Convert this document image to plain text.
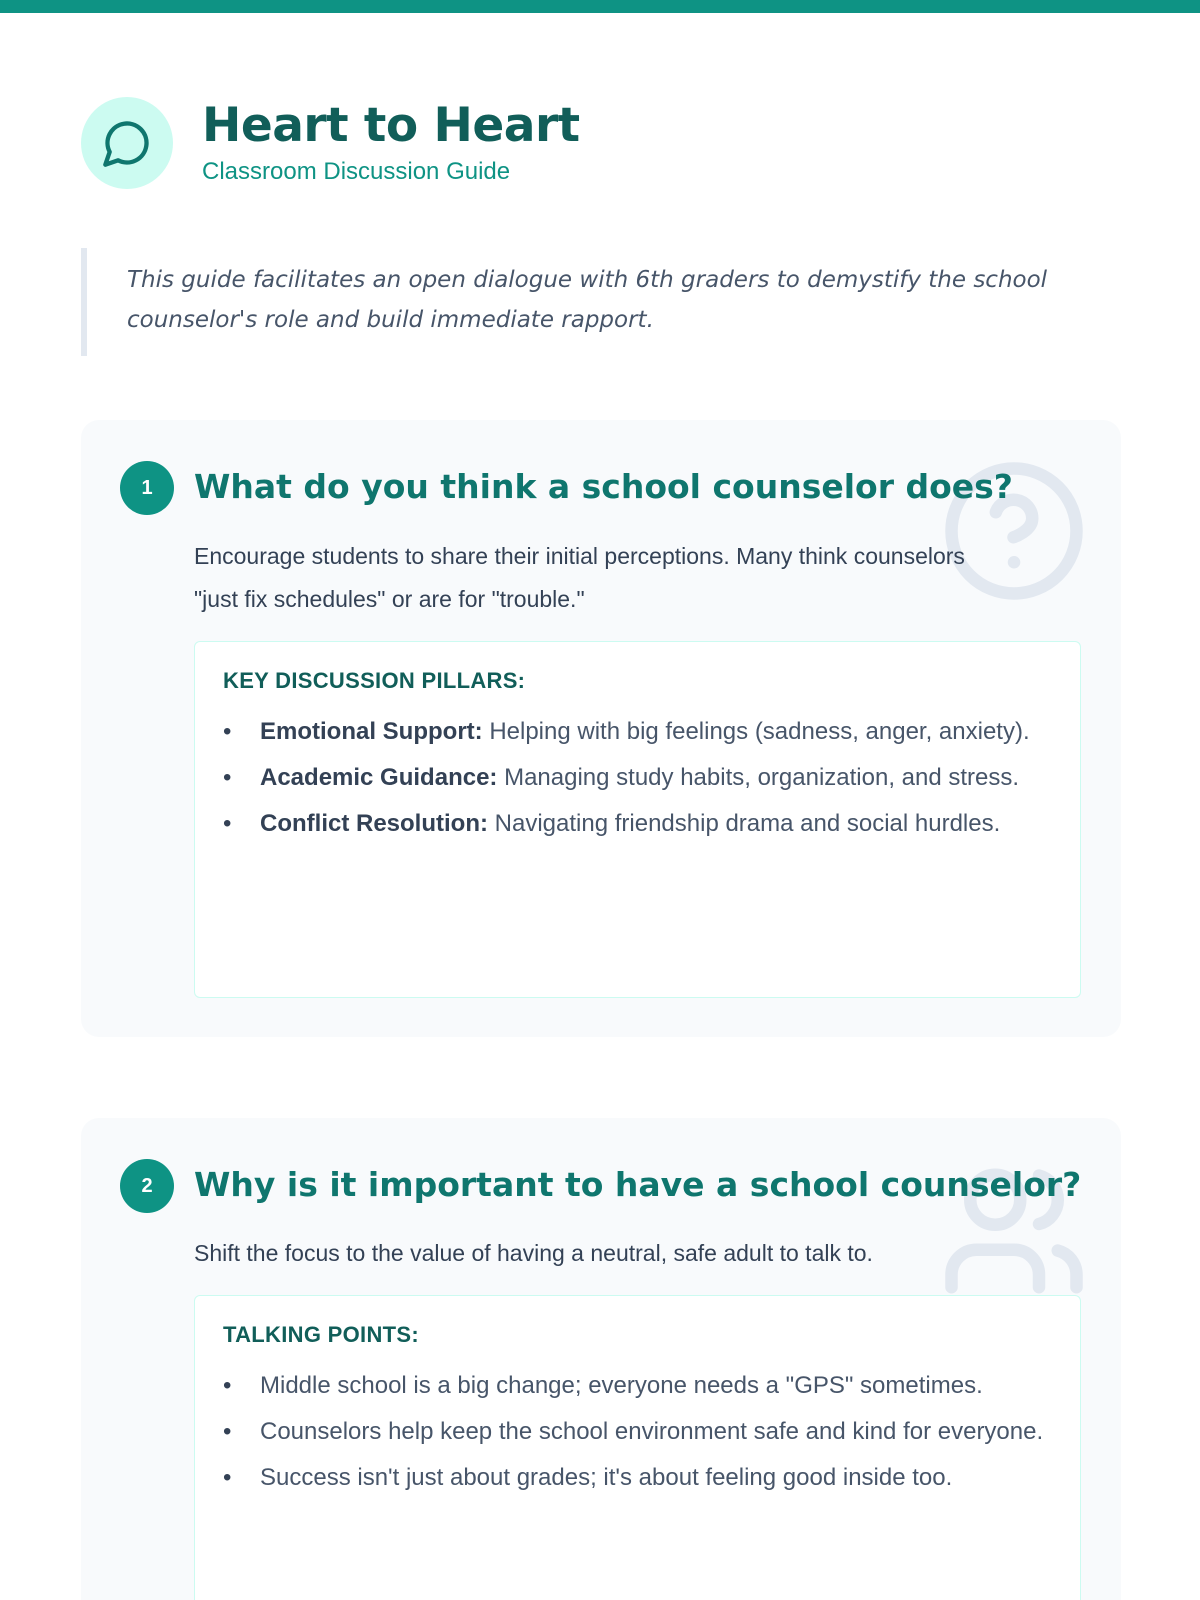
Heart to Heart
Classroom Discussion Guide

This guide facilitates an open dialogue with 6th graders to demystify the school counselor's role and build immediate rapport.

1	What do you think a school counselor does?
Encourage students to share their initial perceptions. Many think counselors "just fix schedules" or are for "trouble."
KEY DISCUSSION PILLARS:
• Emotional Support: Helping with big feelings (sadness, anger, anxiety).
• Academic Guidance: Managing study habits, organization, and stress.
• Conflict Resolution: Navigating friendship drama and social hurdles.
2	Why is it important to have a school counselor?
Shift the focus to the value of having a neutral, safe adult to talk to.
TALKING POINTS:
• Middle school is a big change; everyone needs a "GPS" sometimes.
• Counselors help keep the school environment safe and kind for everyone.
• Success isn't just about grades; it's about feeling good inside too.
